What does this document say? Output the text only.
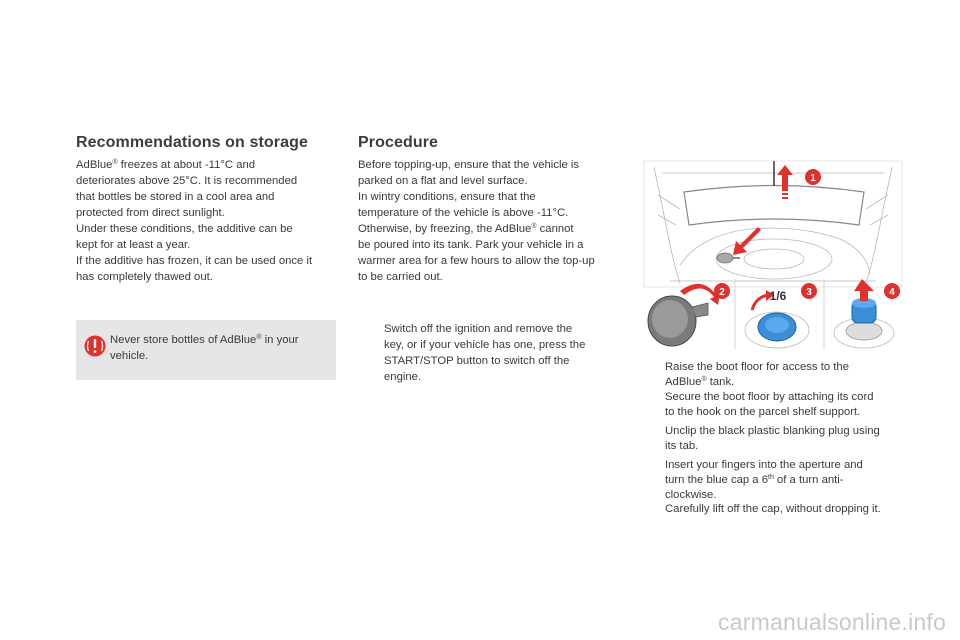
Recommendations on storage
AdBlue® freezes at about -11°C and
deteriorates above 25°C. It is recommended
that bottles be stored in a cool area and
protected from direct sunlight.
Under these conditions, the additive can be
kept for at least a year.
If the additive has frozen, it can be used once it
has completely thawed out.
Never store bottles of AdBlue® in your
vehicle.
Procedure
Before topping-up, ensure that the vehicle is
parked on a flat and level surface.
In wintry conditions, ensure that the
temperature of the vehicle is above -11°C.
Otherwise, by freezing, the AdBlue® cannot
be poured into its tank. Park your vehicle in a
warmer area for a few hours to allow the top-up
to be carried out.
Switch off the ignition and remove the
key, or if your vehicle has one, press the
START/STOP button to switch off the
engine.
1
2	1/6 3	4
Raise the boot floor for access to the
AdBlue® tank.
Secure the boot floor by attaching its cord
to the hook on the parcel shelf support.
Unclip the black plastic blanking plug using
its tab.
Insert your fingers into the aperture and
turn the blue cap a 6th of a turn anti-
clockwise.
Carefully lift off the cap, without dropping it.
carmanualsonline.info
